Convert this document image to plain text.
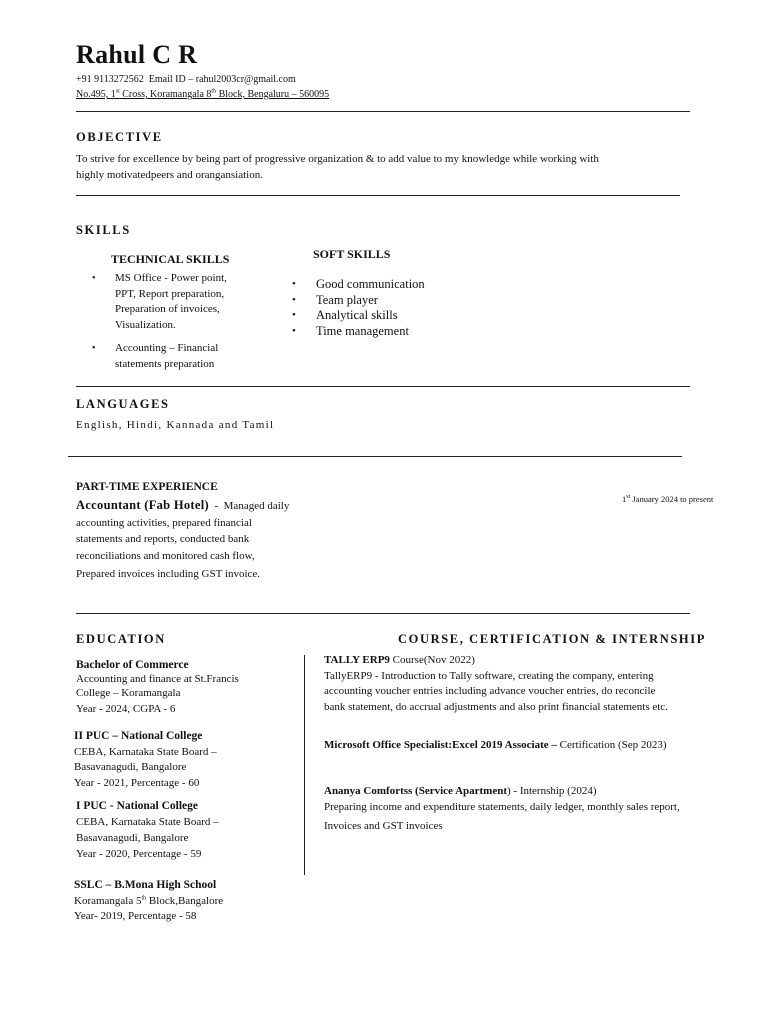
Rahul C R
+91 9113272562 Email ID – rahul2003cr@gmail.com
No.495, 1st Cross, Koramangala 8th Block, Bengaluru – 560095
OBJECTIVE
To strive for excellence by being part of progressive organization & to add value to my knowledge while working with
highly motivatedpeers and orangansiation.
SKILLS
TECHNICAL SKILLS
• MS Office - Power point,
PPT, Report preparation,
Preparation of invoices,
Visualization.
• Accounting – Financial
statements preparation
SOFT SKILLS
• Good communication
• Team player
• Analytical skills
• Time management
LANGUAGES
English, Hindi, Kannada and Tamil
PART-TIME EXPERIENCE
Accountant (Fab Hotel)  -  Managed daily
accounting activities, prepared financial
statements and reports, conducted bank
reconciliations and monitored cash flow,
Prepared invoices including GST invoice.
1st January 2024 to present
EDUCATION
Bachelor of Commerce
Accounting and finance at St.Francis
College – Koramangala
Year - 2024, CGPA - 6
II PUC – National College
CEBA, Karnataka State Board –
Basavanagudi, Bangalore
Year - 2021, Percentage - 60
I PUC - National College
CEBA, Karnataka State Board –
Basavanagudi, Bangalore
Year - 2020, Percentage - 59
SSLC – B.Mona High School
Koramangala 5th Block,Bangalore
Year- 2019, Percentage - 58
COURSE, CERTIFICATION & INTERNSHIP
TALLY ERP9 Course(Nov 2022)
TallyERP9 - Introduction to Tally software, creating the company, entering
accounting voucher entries including advance voucher entries, do reconcile
bank statement, do accrual adjustments and also print financial statements etc.
Microsoft Office Specialist:Excel 2019 Associate – Certification (Sep 2023)
Ananya Comfortss (Service Apartment) - Internship (2024)
Preparing income and expenditure statements, daily ledger, monthly sales report,
Invoices and GST invoices
